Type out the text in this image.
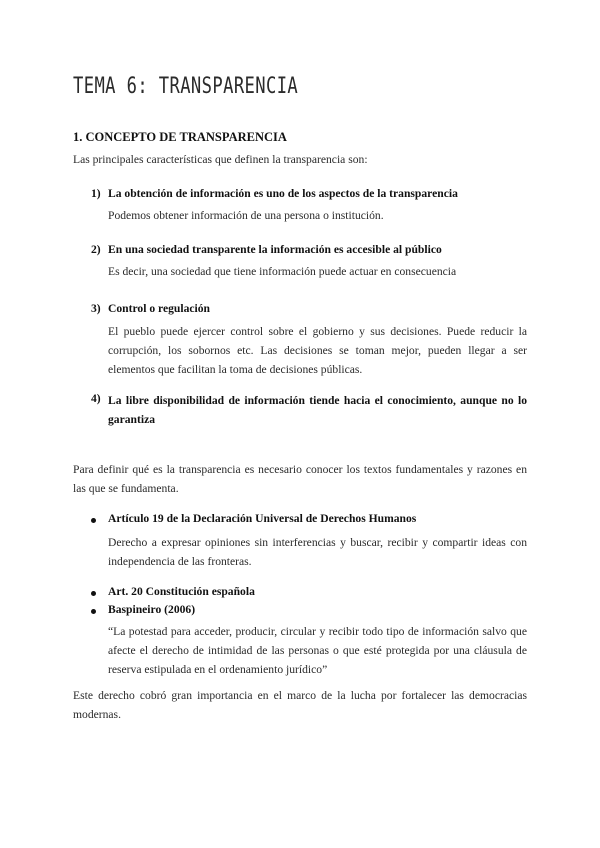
TEMA 6: TRANSPARENCIA
1. CONCEPTO DE TRANSPARENCIA
Las principales características que definen la transparencia son:
1) La obtención de información es uno de los aspectos de la transparencia
Podemos obtener información de una persona o institución.
2) En una sociedad transparente la información es accesible al público
Es decir, una sociedad que tiene información puede actuar en consecuencia
3) Control o regulación
El pueblo puede ejercer control sobre el gobierno y sus decisiones. Puede reducir la corrupción, los sobornos etc. Las decisiones se toman mejor, pueden llegar a ser elementos que facilitan la toma de decisiones públicas.
4) La libre disponibilidad de información tiende hacia el conocimiento, aunque no lo garantiza
Para definir qué es la transparencia es necesario conocer los textos fundamentales y razones en las que se fundamenta.
Artículo 19 de la Declaración Universal de Derechos Humanos
Derecho a expresar opiniones sin interferencias y buscar, recibir y compartir ideas con independencia de las fronteras.
Art. 20 Constitución española
Baspineiro (2006)
“La potestad para acceder, producir, circular y recibir todo tipo de información salvo que afecte el derecho de intimidad de las personas o que esté protegida por una cláusula de reserva estipulada en el ordenamiento jurídico”
Este derecho cobró gran importancia en el marco de la lucha por fortalecer las democracias modernas.
